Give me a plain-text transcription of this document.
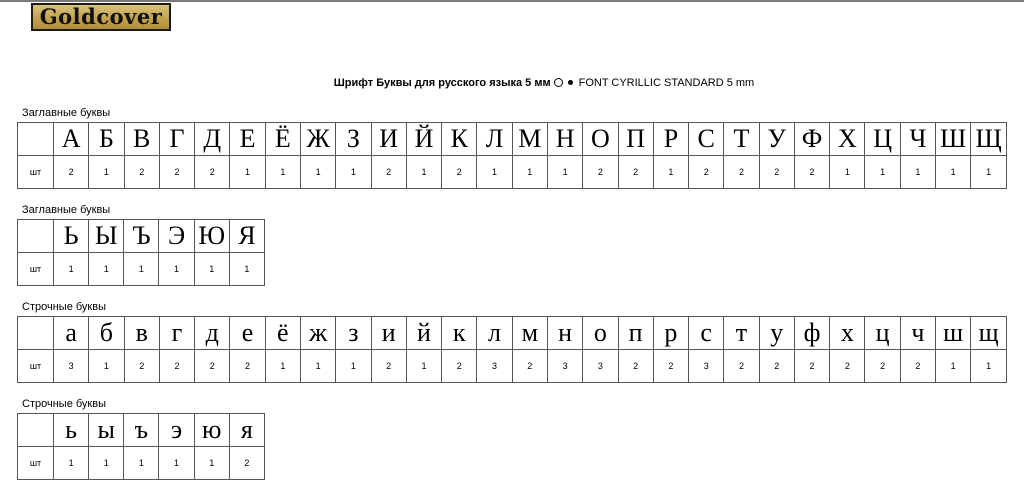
Goldcover
Шрифт Буквы для русского языка 5 мм	FONT CYRILLIC STANDARD 5 mm
Заглавные буквы
	А	Б	В	Г	Д	Е	Ё	Ж	З	И	Й	К	Л	М	Н	О	П	Р	С	Т	У	Ф	Х	Ц	Ч	Ш	Щ
шт	2	1	2	2	2	1	1	1	1	2	1	2	1	1	1	2	2	1	2	2	2	2	1	1	1	1	1
Заглавные буквы
	Ь	Ы	Ъ	Э	Ю	Я
шт	1	1	1	1	1	1
Строчные буквы
	а	б	в	г	д	е	ё	ж	з	и	й	к	л	м	н	о	п	р	с	т	у	ф	х	ц	ч	ш	щ
шт	3	1	2	2	2	2	1	1	1	2	1	2	3	2	3	3	2	2	3	2	2	2	2	2	2	1	1
Строчные буквы
	ь	ы	ъ	э	ю	я
шт	1	1	1	1	1	2
